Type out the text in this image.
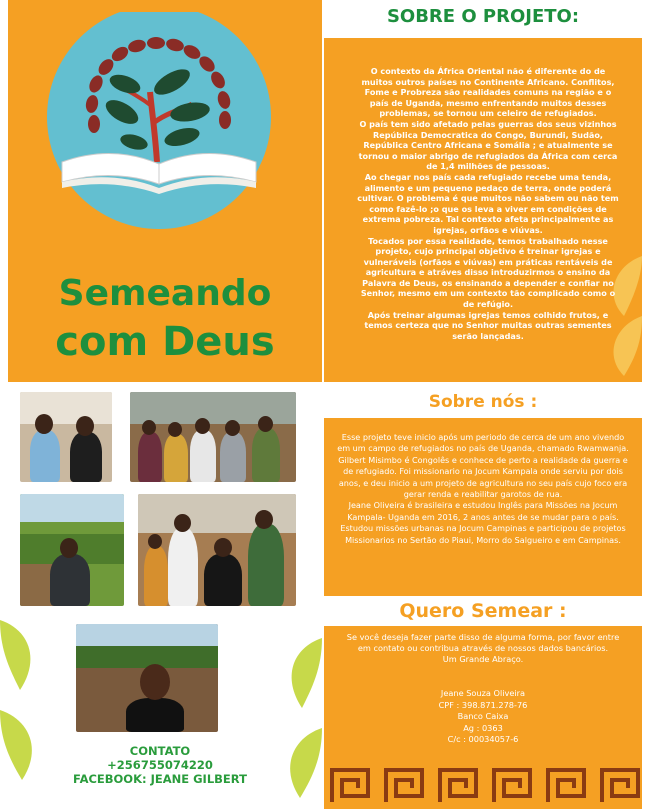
Semeando
com Deus
SOBRE O PROJETO:
O contexto da África Oriental não é diferente do de muitos outros países no Continente Africano. Conflitos, Fome e Probreza são realidades comuns na região e o país de Uganda, mesmo enfrentando muitos desses problemas, se tornou um celeiro de refugiados.
O país tem sido afetado pelas guerras dos seus vizinhos República Democratica do Congo, Burundi, Sudão, República Centro Africana e Somália ; e atualmente se tornou o maior abrigo de refugiados da África com cerca de 1,4 milhões de pessoas.
Ao chegar nos país cada refugiado recebe uma tenda, alimento e um pequeno pedaço de terra, onde poderá cultivar. O problema é que muitos não sabem ou não tem como fazê-lo ;o que os leva a viver em condições de extrema pobreza. Tal contexto afeta principalmente as igrejas, orfãos e viúvas.
Tocados por essa realidade, temos trabalhado nesse projeto, cujo principal objetivo é treinar igrejas e vulneráveis (orfãos e viúvas) em práticas rentáveis de agricultura e atráves disso introduzirmos o ensino da Palavra de Deus, os ensinando a depender e confiar no Senhor, mesmo em um contexto tão complicado como o de refúgio.
Após treinar algumas igrejas temos colhido frutos, e temos certeza que no Senhor muitas outras sementes serão lançadas.
Sobre nós :
Esse projeto teve inicio após um periodo de cerca de um ano vivendo em um campo de refugiados no país de Uganda, chamado Rwamwanja.
Gilbert Misimbo é Congolês e conhece de perto a realidade da guerra e de refugiado. Foi missionario na Jocum Kampala onde serviu por dois anos, e deu inicio a um projeto de agricultura no seu país cujo foco era gerar renda e reabilitar garotos de rua.
Jeane Oliveira é brasileira e estudou Inglês para Missões na Jocum Kampala- Uganda em 2016, 2 anos antes de se mudar para o país. Estudou missões urbanas na Jocum Campinas e participou de projetos Missionarios no Sertão do Piaui, Morro do Salgueiro e em Campinas.
Quero Semear :
Se você deseja fazer parte disso de alguma forma, por favor entre em contato ou contribua através de nossos dados bancários.
Um Grande Abraço.
Jeane Souza Oliveira
CPF : 398.871.278-76
Banco Caixa
Ag : 0363
C/c : 00034057-6
CONTATO
+256755074220
FACEBOOK: JEANE GILBERT
